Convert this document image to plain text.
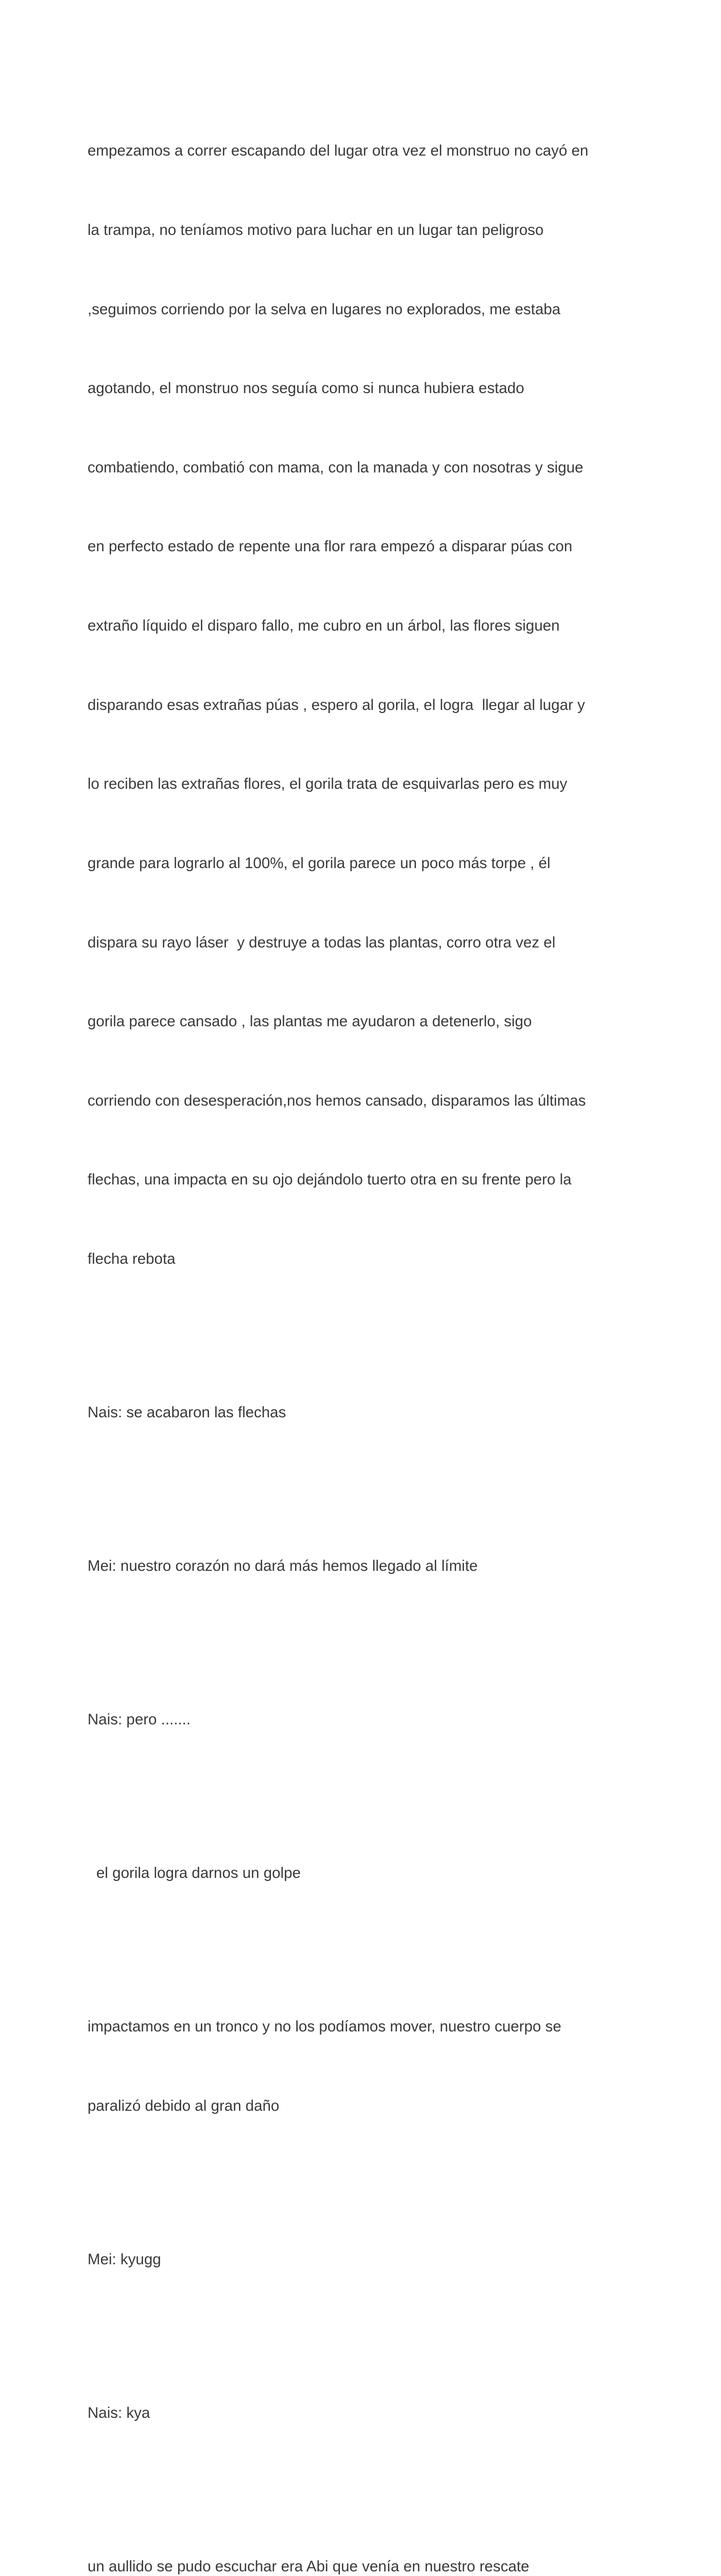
empezamos a correr escapando del lugar otra vez el monstruo no cayó en

la trampa, no teníamos motivo para luchar en un lugar tan peligroso

,seguimos corriendo por la selva en lugares no explorados, me estaba

agotando, el monstruo nos seguía como si nunca hubiera estado

combatiendo, combatió con mama, con la manada y con nosotras y sigue

en perfecto estado de repente una flor rara empezó a disparar púas con

extraño líquido el disparo fallo, me cubro en un árbol, las flores siguen

disparando esas extrañas púas , espero al gorila, el logra  llegar al lugar y

lo reciben las extrañas flores, el gorila trata de esquivarlas pero es muy

grande para lograrlo al 100%, el gorila parece un poco más torpe , él

dispara su rayo láser  y destruye a todas las plantas, corro otra vez el

gorila parece cansado , las plantas me ayudaron a detenerlo, sigo

corriendo con desesperación,nos hemos cansado, disparamos las últimas

flechas, una impacta en su ojo dejándolo tuerto otra en su frente pero la

flecha rebota

Nais: se acabaron las flechas

Mei: nuestro corazón no dará más hemos llegado al límite

Nais: pero .......

el gorila logra darnos un golpe

impactamos en un tronco y no los podíamos mover, nuestro cuerpo se

paralizó debido al gran daño

Mei: kyugg

Nais: kya

un aullido se pudo escuchar era Abi que venía en nuestro rescate
